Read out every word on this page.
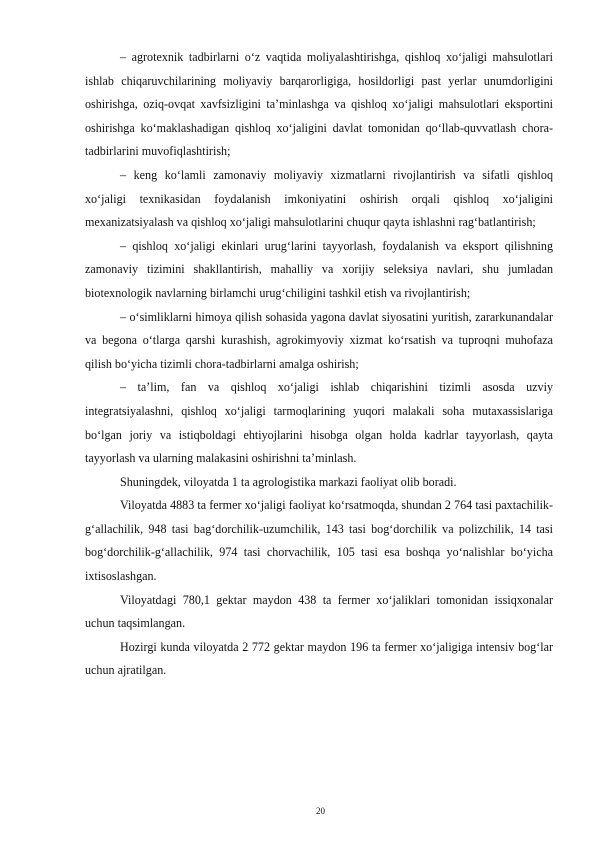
– agrotexnik tadbirlarni o‘z vaqtida moliyalashtirishga, qishloq xo‘jaligi mahsulotlari ishlab chiqaruvchilarining moliyaviy barqarorligiga, hosildorligi past yerlar unumdorligini oshirishga, oziq-ovqat xavfsizligini taʼminlashga va qishloq xo‘jaligi mahsulotlari eksportini oshirishga ko‘maklashadigan qishloq xo‘jaligini davlat tomonidan qo‘llab-quvvatlash chora-tadbirlarini muvofiqlashtirish;

– keng ko‘lamli zamonaviy moliyaviy xizmatlarni rivojlantirish va sifatli qishloq xo‘jaligi texnikasidan foydalanish imkoniyatini oshirish orqali qishloq xo‘jaligini mexanizatsiyalash va qishloq xo‘jaligi mahsulotlarini chuqur qayta ishlashni rag‘batlantirish;

– qishloq xo‘jaligi ekinlari urug‘larini tayyorlash, foydalanish va eksport qilishning zamonaviy tizimini shakllantirish, mahalliy va xorijiy seleksiya navlari, shu jumladan biotexnologik navlarning birlamchi urug‘chiligini tashkil etish va rivojlantirish;

– o‘simliklarni himoya qilish sohasida yagona davlat siyosatini yuritish, zararkunandalar va begona o‘tlarga qarshi kurashish, agrokimyoviy xizmat ko‘rsatish va tuproqni muhofaza qilish bo‘yicha tizimli chora-tadbirlarni amalga oshirish;

– taʼlim, fan va qishloq xo‘jaligi ishlab chiqarishini tizimli asosda uzviy integratsiyalashni, qishloq xo‘jaligi tarmoqlarining yuqori malakali soha mutaxassislariga bo‘lgan joriy va istiqboldagi ehtiyojlarini hisobga olgan holda kadrlar tayyorlash, qayta tayyorlash va ularning malakasini oshirishni taʼminlash.

Shuningdek, viloyatda 1 ta agrologistika markazi faoliyat olib boradi.

Viloyatda 4883 ta fermer xo‘jaligi faoliyat ko‘rsatmoqda, shundan 2 764 tasi paxtachilik-g‘allachilik, 948 tasi bag‘dorchilik-uzumchilik, 143 tasi bog‘dorchilik va polizchilik, 14 tasi bog‘dorchilik-g‘allachilik, 974 tasi chorvachilik, 105 tasi esa boshqa yo‘nalishlar bo‘yicha ixtisoslashgan.

Viloyatdagi 780,1 gektar maydon 438 ta fermer xo‘jaliklari tomonidan issiqxonalar uchun taqsimlangan.

Hozirgi kunda viloyatda 2 772 gektar maydon 196 ta fermer xo‘jaligiga intensiv bog‘lar uchun ajratilgan.

20
